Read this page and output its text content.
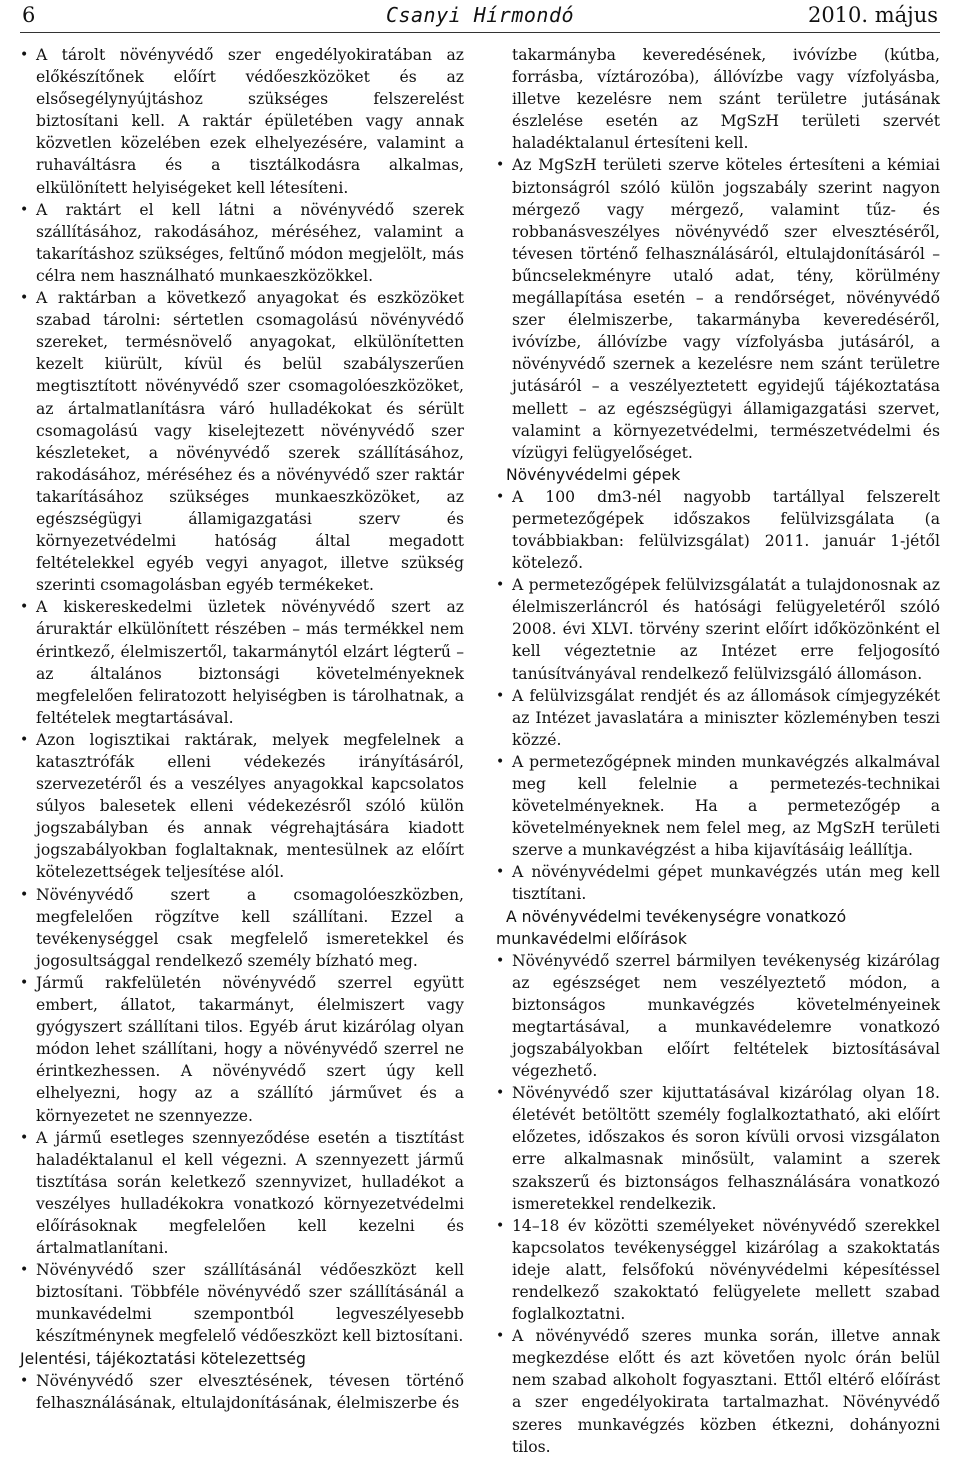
6	Csanyi Hírmondó	2010. május
• A tárolt növényvédő szer engedélyokiratában az előkészítőnek előírt védőeszközöket és az elsősegélynyújtáshoz szükséges felszerelést biztosítani kell. A raktár épületében vagy annak közvetlen közelében ezek elhelyezésére, valamint a ruhaváltásra és a tisztálkodásra alkalmas, elkülönített helyiségeket kell létesíteni.
• A raktárt el kell látni a növényvédő szerek szállításához, rakodásához, méréséhez, valamint a takarításhoz szükséges, feltűnő módon megjelölt, más célra nem használható munkaeszközökkel.
• A raktárban a következő anyagokat és eszközöket szabad tárolni: sértetlen csomagolású növényvédő szereket, termésnövelő anyagokat, elkülönítetten kezelt kiürült, kívül és belül szabályszerűen megtisztított növényvédő szer csomagolóeszközöket, az ártalmatlanításra váró hulladékokat és sérült csomagolású vagy kiselejtezett növényvédő szer készleteket, a növényvédő szerek szállításához, rakodásához, méréséhez és a növényvédő szer raktár takarításához szükséges munkaeszközöket, az egészségügyi államigazgatási szerv és környezetvédelmi hatóság által megadott feltételekkel egyéb vegyi anyagot, illetve szükség szerinti csomagolásban egyéb termékeket.
• A kiskereskedelmi üzletek növényvédő szert az áruraktár elkülönített részében – más termékkel nem érintkező, élelmiszertől, takarmánytól elzárt légterű – az általános biztonsági követelményeknek megfelelően feliratozott helyiségben is tárolhatnak, a feltételek megtartásával.
• Azon logisztikai raktárak, melyek megfelelnek a katasztrófák elleni védekezés irányításáról, szervezetéről és a veszélyes anyagokkal kapcsolatos súlyos balesetek elleni védekezésről szóló külön jogszabályban és annak végrehajtására kiadott jogszabályokban foglaltaknak, mentesülnek az előírt kötelezettségek teljesítése alól.
• Növényvédő szert a csomagolóeszközben, megfelelően rögzítve kell szállítani. Ezzel a tevékenységgel csak megfelelő ismeretekkel és jogosultsággal rendelkező személy bízható meg.
• Jármű rakfelületén növényvédő szerrel együtt embert, állatot, takarmányt, élelmiszert vagy gyógyszert szállítani tilos. Egyéb árut kizárólag olyan módon lehet szállítani, hogy a növényvédő szerrel ne érintkezhessen. A növényvédő szert úgy kell elhelyezni, hogy az a szállító járművet és a környezetet ne szennyezze.
• A jármű esetleges szennyeződése esetén a tisztítást haladéktalanul el kell végezni. A szennyezett jármű tisztítása során keletkező szennyvizet, hulladékot a veszélyes hulladékokra vonatkozó környezetvédelmi előírásoknak megfelelően kell kezelni és ártalmatlanítani.
• Növényvédő szer szállításánál védőeszközt kell biztosítani. Többféle növényvédő szer szállításánál a munkavédelmi szempontból legveszélyesebb készítménynek megfelelő védőeszközt kell biztosítani.

Jelentési, tájékoztatási kötelezettség

• Növényvédő szer elvesztésének, tévesen történő felhasználásának, eltulajdonításának, élelmiszerbe és
takarmányba keveredésének, ivóvízbe (kútba, forrásba, víztározóba), állóvízbe vagy vízfolyásba, illetve kezelésre nem szánt területre jutásának észlelése esetén az MgSzH területi szervét haladéktalanul értesíteni kell.
• Az MgSzH területi szerve köteles értesíteni a kémiai biztonságról szóló külön jogszabály szerint nagyon mérgező vagy mérgező, valamint tűz- és robbanásveszélyes növényvédő szer elvesztéséről, tévesen történő felhasználásáról, eltulajdonításáról – bűncselekményre utaló adat, tény, körülmény megállapítása esetén – a rendőrséget, növényvédő szer élelmiszerbe, takarmányba keveredéséről, ivóvízbe, állóvízbe vagy vízfolyásba jutásáról, a növényvédő szernek a kezelésre nem szánt területre jutásáról – a veszélyeztetett egyidejű tájékoztatása mellett – az egészségügyi államigazgatási szervet, valamint a környezetvédelmi, természetvédelmi és vízügyi felügyelőséget.

Növényvédelmi gépek

• A 100 dm3-nél nagyobb tartállyal felszerelt permetezőgépek időszakos felülvizsgálata (a továbbiakban: felülvizsgálat) 2011. január 1-jétől kötelező.
• A permetezőgépek felülvizsgálatát a tulajdonosnak az élelmiszerláncról és hatósági felügyeletéről szóló 2008. évi XLVI. törvény szerint előírt időközönként el kell végeztetnie az Intézet erre feljogosító tanúsítványával rendelkező felülvizsgáló állomáson.
• A felülvizsgálat rendjét és az állomások címjegyzékét az Intézet javaslatára a miniszter közleményben teszi közzé.
• A permetezőgépnek minden munkavégzés alkalmával meg kell felelnie a permetezés-technikai követelményeknek. Ha a permetezőgép a követelményeknek nem felel meg, az MgSzH területi szerve a munkavégzést a hiba kijavításáig leállítja.
• A növényvédelmi gépet munkavégzés után meg kell tisztítani.

A növényvédelmi tevékenységre vonatkozó munkavédelmi előírások

• Növényvédő szerrel bármilyen tevékenység kizárólag az egészséget nem veszélyeztető módon, a biztonságos munkavégzés követelményeinek megtartásával, a munkavédelemre vonatkozó jogszabályokban előírt feltételek biztosításával végezhető.
• Növényvédő szer kijuttatásával kizárólag olyan 18. életévét betöltött személy foglalkoztatható, aki előírt előzetes, időszakos és soron kívüli orvosi vizsgálaton erre alkalmasnak minősült, valamint a szerek szakszerű és biztonságos felhasználására vonatkozó ismeretekkel rendelkezik.
• 14–18 év közötti személyeket növényvédő szerekkel kapcsolatos tevékenységgel kizárólag a szakoktatás ideje alatt, felsőfokú növényvédelmi képesítéssel rendelkező szakoktató felügyelete mellett szabad foglalkoztatni.
• A növényvédő szeres munka során, illetve annak megkezdése előtt és azt követően nyolc órán belül nem szabad alkoholt fogyasztani. Ettől eltérő előírást a szer engedélyokirata tartalmazhat. Növényvédő szeres munkavégzés közben étkezni, dohányozni tilos.
